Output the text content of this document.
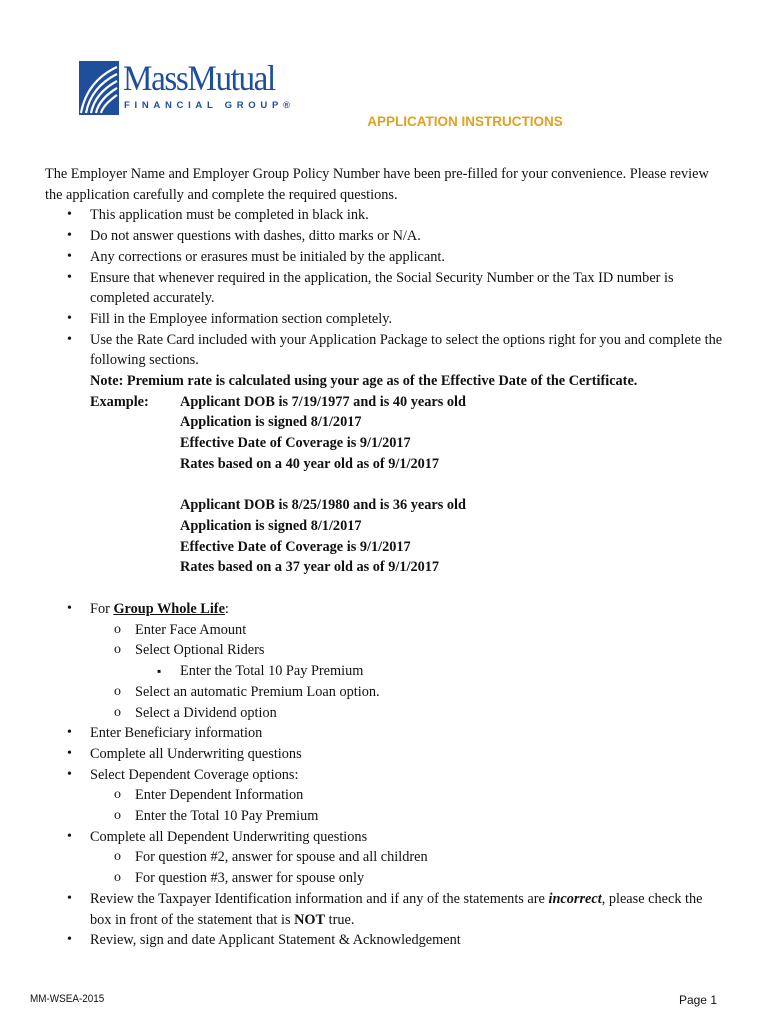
MassMutual
FINANCIAL GROUP®
APPLICATION INSTRUCTIONS

The Employer Name and Employer Group Policy Number have been pre-filled for your convenience. Please review the application carefully and complete the required questions.

• This application must be completed in black ink.
• Do not answer questions with dashes, ditto marks or N/A.
• Any corrections or erasures must be initialed by the applicant.
• Ensure that whenever required in the application, the Social Security Number or the Tax ID number is completed accurately.
• Fill in the Employee information section completely.
• Use the Rate Card included with your Application Package to select the options right for you and complete the following sections.
Note: Premium rate is calculated using your age as of the Effective Date of the Certificate.
Example:	Applicant DOB is 7/19/1977 and is 40 years old
Application is signed 8/1/2017
Effective Date of Coverage is 9/1/2017
Rates based on a 40 year old as of 9/1/2017
Applicant DOB is 8/25/1980 and is 36 years old
Application is signed 8/1/2017
Effective Date of Coverage is 9/1/2017
Rates based on a 37 year old as of 9/1/2017
• For Group Whole Life:
o Enter Face Amount
o Select Optional Riders
▪ Enter the Total 10 Pay Premium
o Select an automatic Premium Loan option.
o Select a Dividend option
• Enter Beneficiary information
• Complete all Underwriting questions
• Select Dependent Coverage options:
o Enter Dependent Information
o Enter the Total 10 Pay Premium
• Complete all Dependent Underwriting questions
o For question #2, answer for spouse and all children
o For question #3, answer for spouse only
• Review the Taxpayer Identification information and if any of the statements are incorrect, please check the box in front of the statement that is NOT true.
• Review, sign and date Applicant Statement & Acknowledgement
MM-WSEA-2015	Page 1
